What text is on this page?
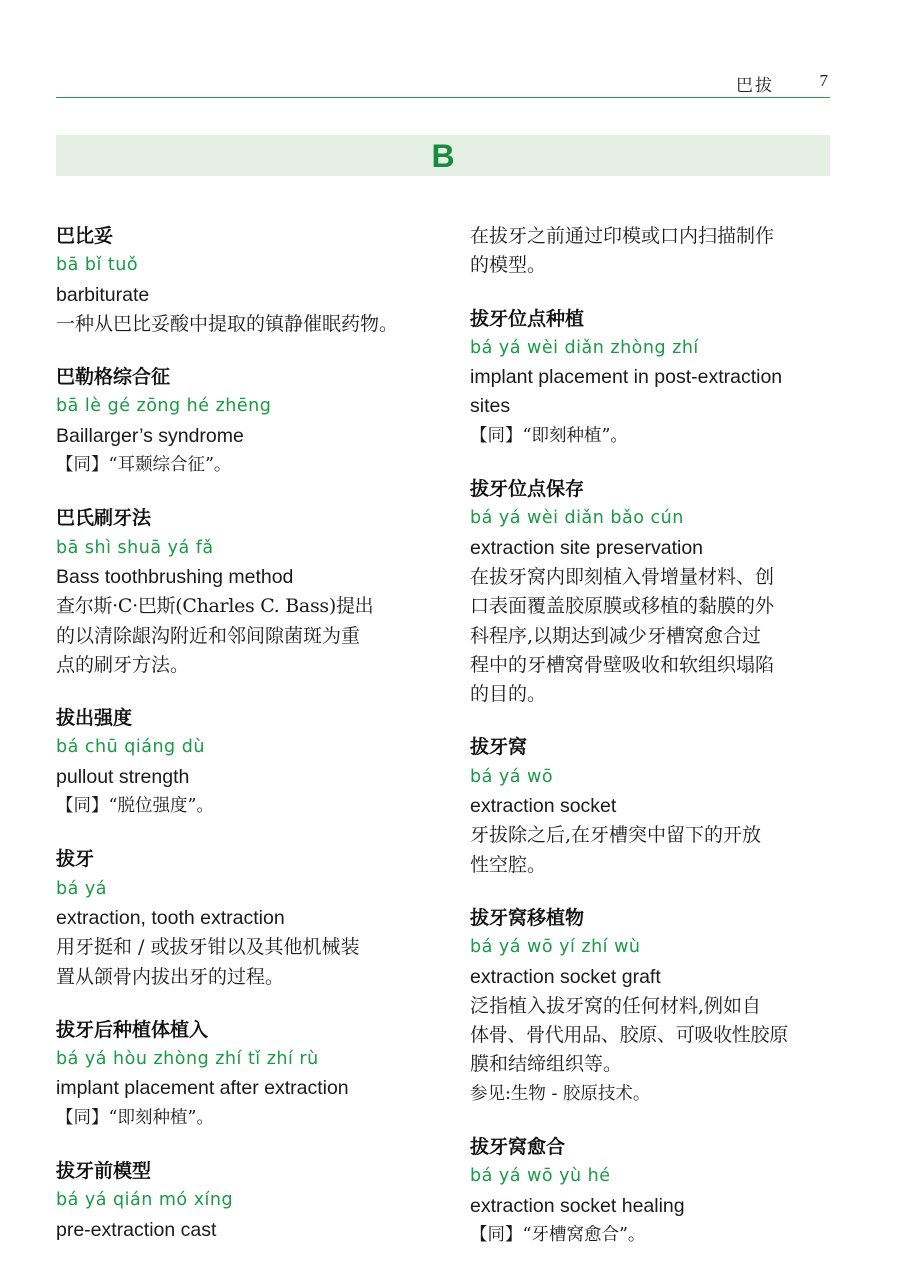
巴拔	7
B
巴比妥
bā bǐ tuǒ
barbiturate
一种从巴比妥酸中提取的镇静催眠药物。
巴勒格综合征
bā lè gé zōng hé zhēng
Baillarger’s syndrome
【同】“耳颞综合征”。
巴氏刷牙法
bā shì shuā yá fǎ
Bass toothbrushing method
查尔斯·C·巴斯(Charles C. Bass)提出
的以清除龈沟附近和邻间隙菌斑为重
点的刷牙方法。
拔出强度
bá chū qiáng dù
pullout strength
【同】“脱位强度”。
拔牙
bá yá
extraction, tooth extraction
用牙挺和 / 或拔牙钳以及其他机械装
置从颌骨内拔出牙的过程。
拔牙后种植体植入
bá yá hòu zhòng zhí tǐ zhí rù
implant placement after extraction
【同】“即刻种植”。
拔牙前模型
bá yá qián mó xíng
pre-extraction cast
在拔牙之前通过印模或口内扫描制作
的模型。
拔牙位点种植
bá yá wèi diǎn zhòng zhí
implant placement in post-extraction
sites
【同】“即刻种植”。
拔牙位点保存
bá yá wèi diǎn bǎo cún
extraction site preservation
在拔牙窝内即刻植入骨增量材料、创
口表面覆盖胶原膜或移植的黏膜的外
科程序,以期达到减少牙槽窝愈合过
程中的牙槽窝骨壁吸收和软组织塌陷
的目的。
拔牙窝
bá yá wō
extraction socket
牙拔除之后,在牙槽突中留下的开放
性空腔。
拔牙窝移植物
bá yá wō yí zhí wù
extraction socket graft
泛指植入拔牙窝的任何材料,例如自
体骨、骨代用品、胶原、可吸收性胶原
膜和结缔组织等。
参见:生物 - 胶原技术。
拔牙窝愈合
bá yá wō yù hé
extraction socket healing
【同】“牙槽窝愈合”。
